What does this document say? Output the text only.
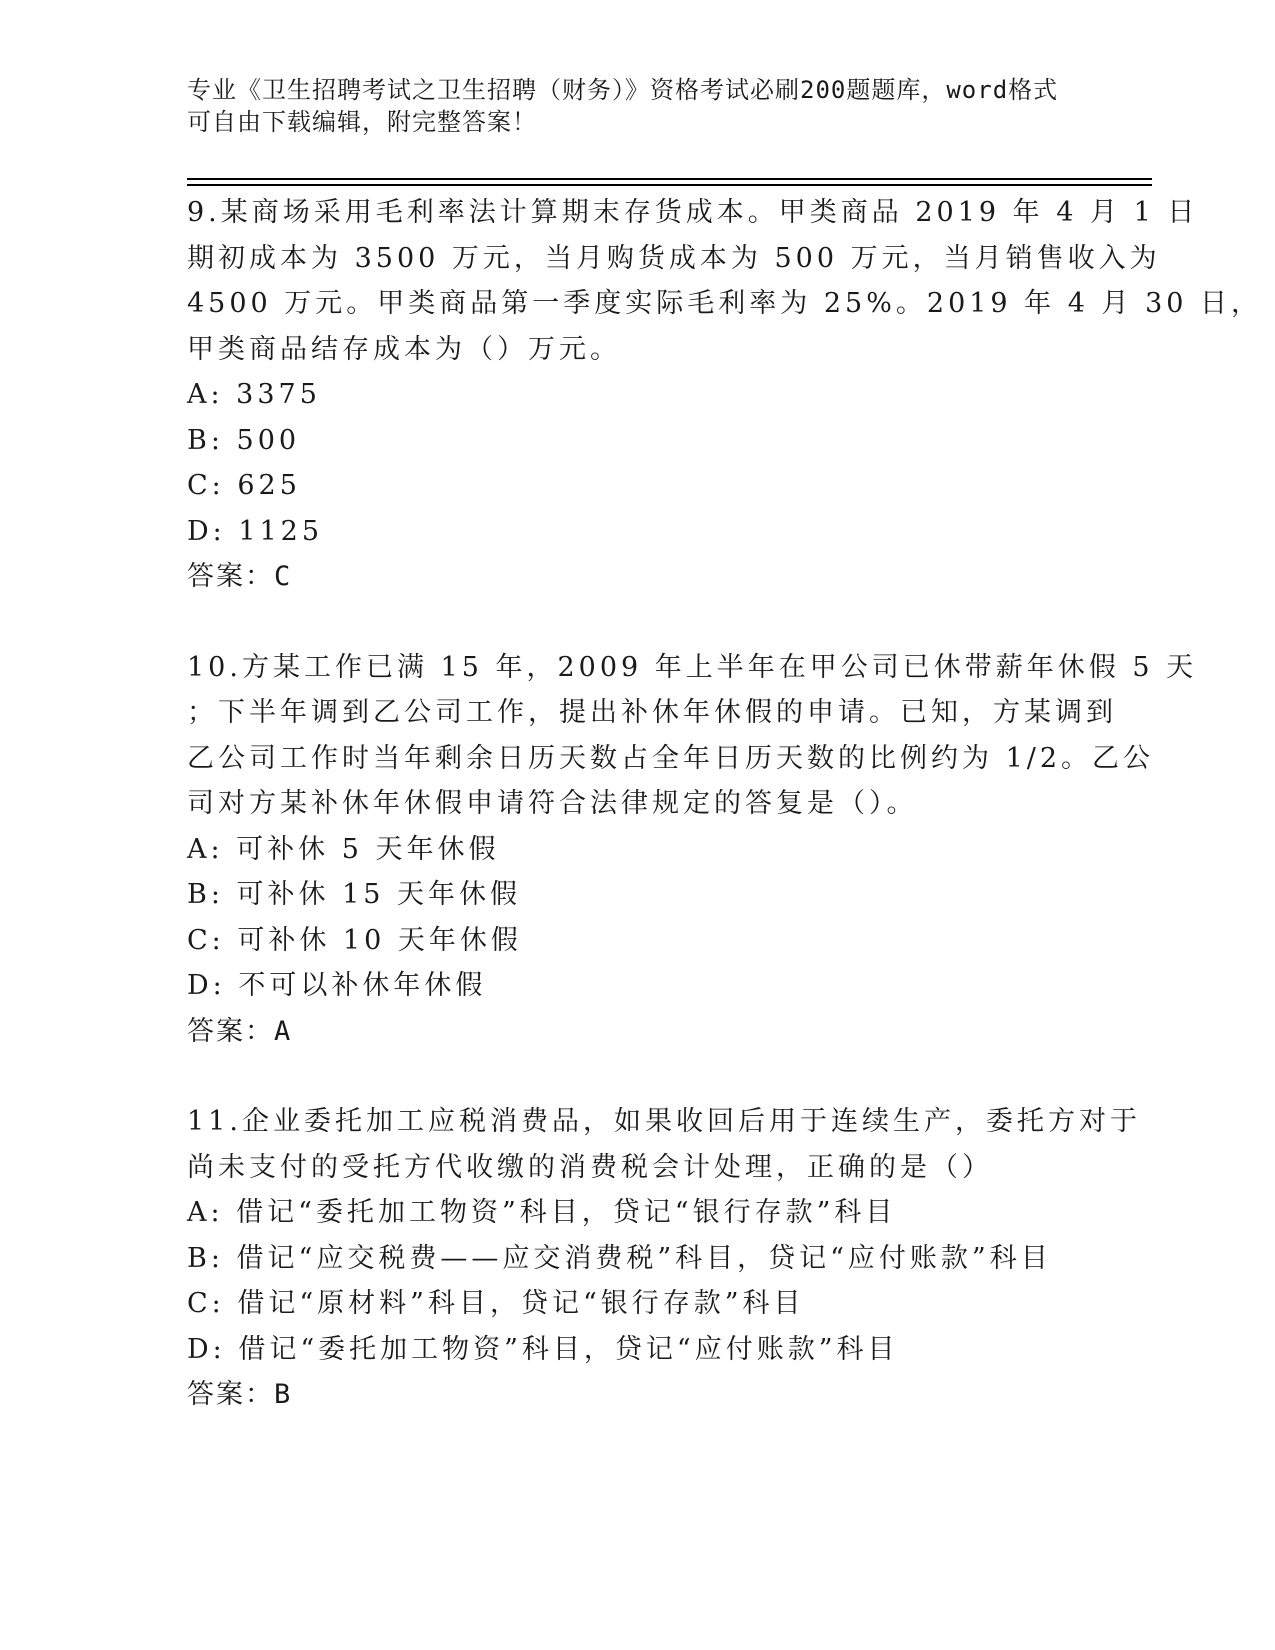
专业《卫生招聘考试之卫生招聘（财务）》资格考试必刷200题题库，word格式
可自由下载编辑，附完整答案！
9.某商场采用毛利率法计算期末存货成本。甲类商品 2019 年 4 月 1 日
期初成本为 3500 万元，当月购货成本为 500 万元，当月销售收入为
4500 万元。甲类商品第一季度实际毛利率为 25%。2019 年 4 月 30 日，
甲类商品结存成本为（）万元。
A: 3375
B: 500
C: 625
D: 1125
答案：C
10.方某工作已满 15 年，2009 年上半年在甲公司已休带薪年休假 5 天
；下半年调到乙公司工作，提出补休年休假的申请。已知，方某调到
乙公司工作时当年剩余日历天数占全年日历天数的比例约为 1/2。乙公
司对方某补休年休假申请符合法律规定的答复是（）。
A: 可补休 5 天年休假
B: 可补休 15 天年休假
C: 可补休 10 天年休假
D: 不可以补休年休假
答案：A
11.企业委托加工应税消费品，如果收回后用于连续生产，委托方对于
尚未支付的受托方代收缴的消费税会计处理，正确的是（）
A: 借记“委托加工物资”科目，贷记“银行存款”科目
B: 借记“应交税费——应交消费税”科目，贷记“应付账款”科目
C: 借记“原材料”科目，贷记“银行存款”科目
D: 借记“委托加工物资”科目，贷记“应付账款”科目
答案：B
